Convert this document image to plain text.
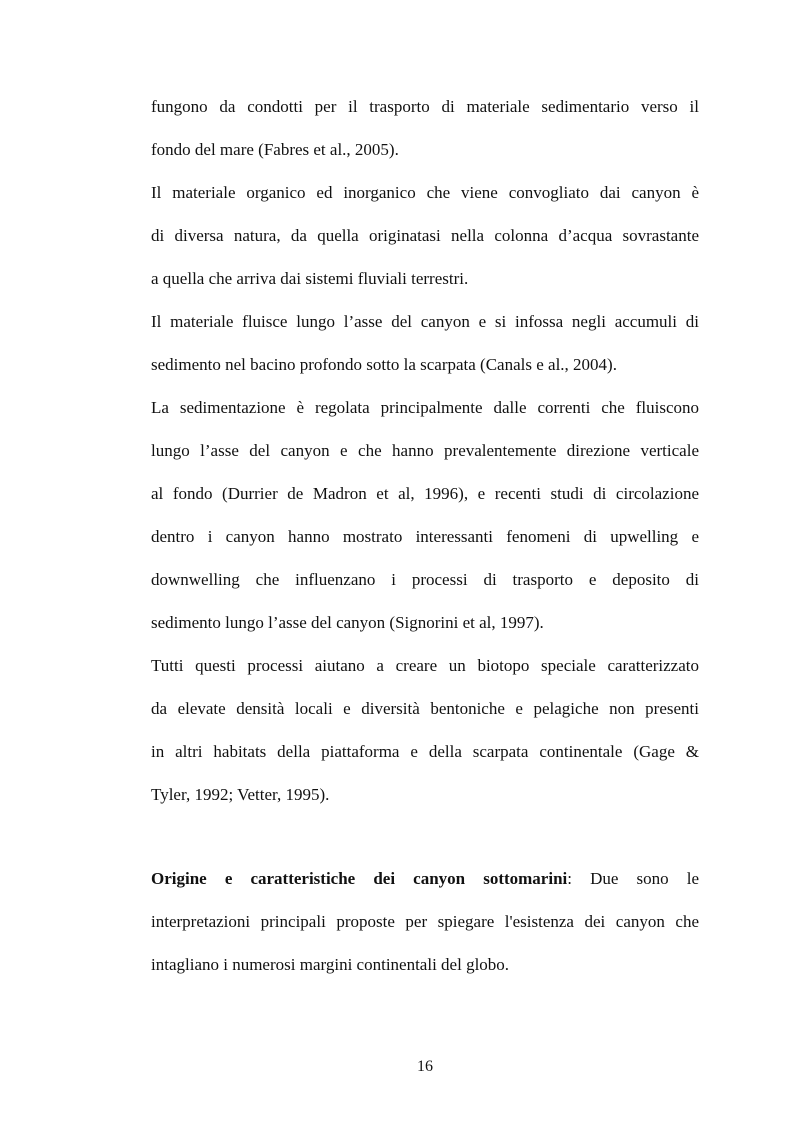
fungono da condotti per il trasporto di materiale sedimentario verso il
fondo del mare (Fabres et al., 2005).
Il materiale organico ed inorganico che viene convogliato dai canyon è
di diversa natura, da quella originatasi nella colonna d’acqua sovrastante
a quella che arriva dai sistemi fluviali terrestri.
Il materiale fluisce lungo l’asse del canyon e si infossa negli accumuli di
sedimento nel bacino profondo sotto la scarpata (Canals e al., 2004).
La sedimentazione è regolata principalmente dalle correnti che fluiscono
lungo l’asse del canyon e che hanno prevalentemente direzione verticale
al fondo (Durrier de Madron et al, 1996), e recenti studi di circolazione
dentro i canyon hanno mostrato interessanti fenomeni di upwelling e
downwelling che influenzano i processi di trasporto e deposito di
sedimento lungo l’asse del canyon (Signorini et al, 1997).
Tutti questi processi aiutano a creare un biotopo speciale caratterizzato
da elevate densità locali e diversità bentoniche e pelagiche non presenti
in altri habitats della piattaforma e della scarpata continentale (Gage &
Tyler, 1992; Vetter, 1995).
Origine e caratteristiche dei canyon sottomarini: Due sono le
interpretazioni principali proposte per spiegare l'esistenza dei canyon che
intagliano i numerosi margini continentali del globo.
16
